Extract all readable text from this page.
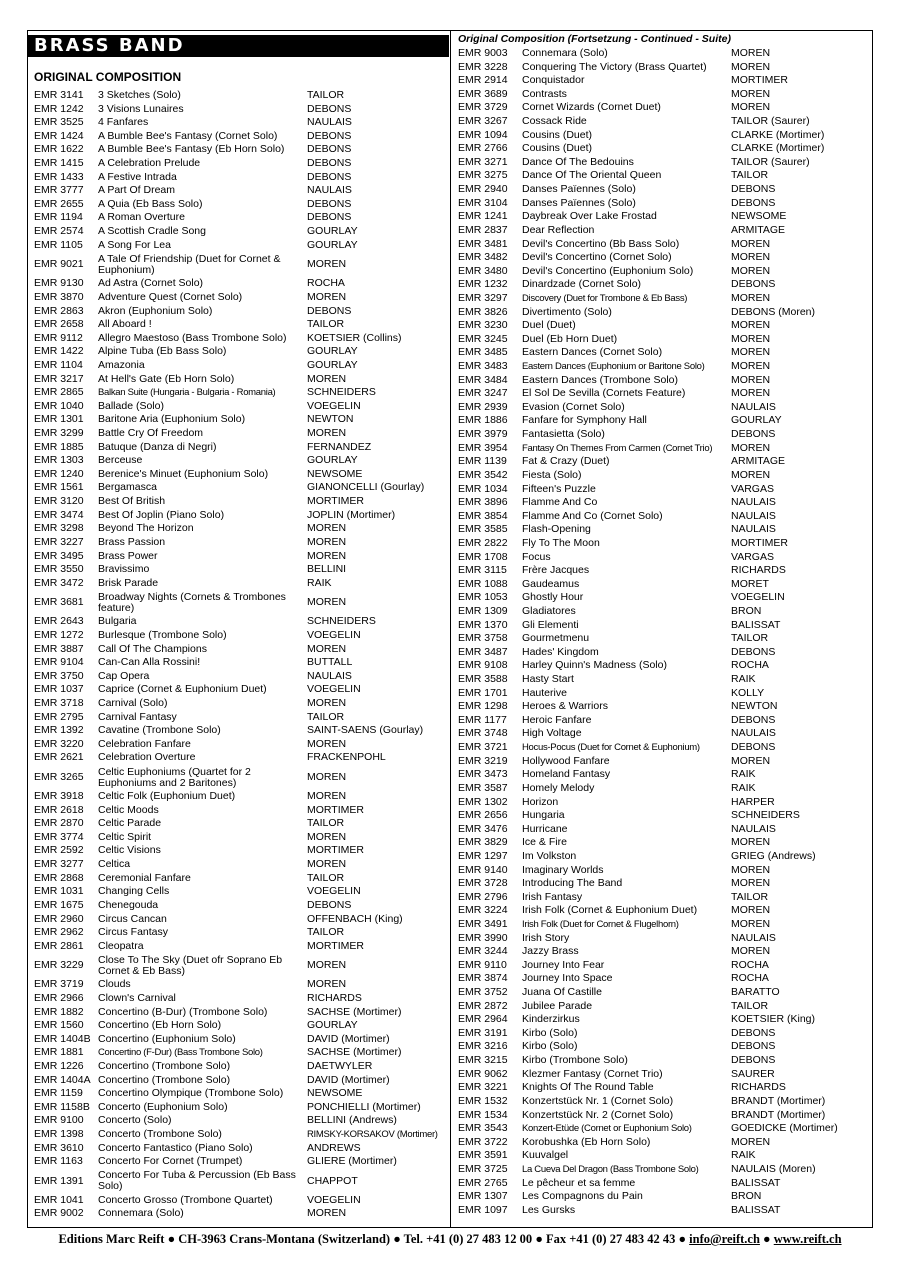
BRASS BAND
ORIGINAL COMPOSITION
Original Composition (Fortsetzung - Continued - Suite)
EMR 3141	3 Sketches (Solo)	TAILOR
EMR 1242	3 Visions Lunaires	DEBONS
EMR 3525	4 Fanfares	NAULAIS
EMR 1424	A Bumble Bee's Fantasy (Cornet Solo)	DEBONS
EMR 1622	A Bumble Bee's Fantasy (Eb Horn Solo)	DEBONS
EMR 1415	A Celebration Prelude	DEBONS
EMR 1433	A Festive Intrada	DEBONS
EMR 3777	A Part Of Dream	NAULAIS
EMR 2655	A Quia (Eb Bass Solo)	DEBONS
EMR 1194	A Roman Overture	DEBONS
EMR 2574	A Scottish Cradle Song	GOURLAY
EMR 1105	A Song For Lea	GOURLAY
EMR 9021	A Tale Of Friendship (Duet for Cornet & Euphonium)	MOREN
EMR 9130	Ad Astra (Cornet Solo)	ROCHA
EMR 3870	Adventure Quest (Cornet Solo)	MOREN
EMR 2863	Akron (Euphonium Solo)	DEBONS
EMR 2658	All Aboard !	TAILOR
EMR 9112	Allegro Maestoso (Bass Trombone Solo)	KOETSIER (Collins)
EMR 1422	Alpine Tuba (Eb Bass Solo)	GOURLAY
EMR 1104	Amazonia	GOURLAY
EMR 3217	At Hell's Gate (Eb Horn Solo)	MOREN
EMR 2865	Balkan Suite (Hungaria - Bulgaria - Romania)	SCHNEIDERS
EMR 1040	Ballade (Solo)	VOEGELIN
EMR 1301	Baritone Aria (Euphonium Solo)	NEWTON
EMR 3299	Battle Cry Of Freedom	MOREN
EMR 1885	Batuque (Danza di Negri)	FERNANDEZ
EMR 1303	Berceuse	GOURLAY
EMR 1240	Berenice's Minuet (Euphonium Solo)	NEWSOME
EMR 1561	Bergamasca	GIANONCELLI (Gourlay)
EMR 3120	Best Of British	MORTIMER
EMR 3474	Best Of Joplin (Piano Solo)	JOPLIN (Mortimer)
EMR 3298	Beyond The Horizon	MOREN
EMR 3227	Brass Passion	MOREN
EMR 3495	Brass Power	MOREN
EMR 3550	Bravissimo	BELLINI
EMR 3472	Brisk Parade	RAIK
EMR 3681	Broadway Nights (Cornets & Trombones feature)	MOREN
EMR 2643	Bulgaria	SCHNEIDERS
EMR 1272	Burlesque (Trombone Solo)	VOEGELIN
EMR 3887	Call Of The Champions	MOREN
EMR 9104	Can-Can Alla Rossini!	BUTTALL
EMR 3750	Cap Opera	NAULAIS
EMR 1037	Caprice (Cornet & Euphonium Duet)	VOEGELIN
EMR 3718	Carnival (Solo)	MOREN
EMR 2795	Carnival Fantasy	TAILOR
EMR 1392	Cavatine (Trombone Solo)	SAINT-SAENS (Gourlay)
EMR 3220	Celebration Fanfare	MOREN
EMR 2621	Celebration Overture	FRACKENPOHL
EMR 3265	Celtic Euphoniums (Quartet for 2 Euphoniums and 2 Baritones)	MOREN
EMR 3918	Celtic Folk (Euphonium Duet)	MOREN
EMR 2618	Celtic Moods	MORTIMER
EMR 2870	Celtic Parade	TAILOR
EMR 3774	Celtic Spirit	MOREN
EMR 2592	Celtic Visions	MORTIMER
EMR 3277	Celtica	MOREN
EMR 2868	Ceremonial Fanfare	TAILOR
EMR 1031	Changing Cells	VOEGELIN
EMR 1675	Chenegouda	DEBONS
EMR 2960	Circus Cancan	OFFENBACH (King)
EMR 2962	Circus Fantasy	TAILOR
EMR 2861	Cleopatra	MORTIMER
EMR 3229	Close To The Sky (Duet ofr Soprano Eb Cornet & Eb Bass)	MOREN
EMR 3719	Clouds	MOREN
EMR 2966	Clown's Carnival	RICHARDS
EMR 1882	Concertino (B-Dur) (Trombone Solo)	SACHSE (Mortimer)
EMR 1560	Concertino (Eb Horn Solo)	GOURLAY
EMR 1404B Concertino (Euphonium Solo)	DAVID (Mortimer)
EMR 1881	Concertino (F-Dur) (Bass Trombone Solo)	SACHSE (Mortimer)
EMR 1226	Concertino (Trombone Solo)	DAETWYLER
EMR 1404A Concertino (Trombone Solo)	DAVID (Mortimer)
EMR 1159	Concertino Olympique (Trombone Solo)	NEWSOME
EMR 1158B Concerto (Euphonium Solo)	PONCHIELLI (Mortimer)
EMR 9100	Concerto (Solo)	BELLINI (Andrews)
EMR 1398	Concerto (Trombone Solo)	RIMSKY-KORSAKOV (Mortimer)
EMR 3610	Concerto Fantastico (Piano Solo)	ANDREWS
EMR 1163	Concerto For Cornet (Trumpet)	GLIERE (Mortimer)
EMR 1391	Concerto For Tuba & Percussion (Eb Bass Solo)	CHAPPOT
EMR 1041	Concerto Grosso (Trombone Quartet)	VOEGELIN
EMR 9002	Connemara (Solo)	MOREN
EMR 9003	Connemara (Solo)	MOREN
EMR 3228	Conquering The Victory (Brass Quartet)	MOREN
EMR 2914	Conquistador	MORTIMER
EMR 3689	Contrasts	MOREN
EMR 3729	Cornet Wizards (Cornet Duet)	MOREN
EMR 3267	Cossack Ride	TAILOR (Saurer)
EMR 1094	Cousins (Duet)	CLARKE (Mortimer)
EMR 2766	Cousins (Duet)	CLARKE (Mortimer)
EMR 3271	Dance Of The Bedouins	TAILOR (Saurer)
EMR 3275	Dance Of The Oriental Queen	TAILOR
EMR 2940	Danses Païennes (Solo)	DEBONS
EMR 3104	Danses Païennes (Solo)	DEBONS
EMR 1241	Daybreak Over Lake Frostad	NEWSOME
EMR 2837	Dear Reflection	ARMITAGE
EMR 3481	Devil's Concertino (Bb Bass Solo)	MOREN
EMR 3482	Devil's Concertino (Cornet Solo)	MOREN
EMR 3480	Devil's Concertino (Euphonium Solo)	MOREN
EMR 1232	Dinardzade (Cornet Solo)	DEBONS
EMR 3297	Discovery (Duet for Trombone & Eb Bass)	MOREN
EMR 3826	Divertimento (Solo)	DEBONS (Moren)
EMR 3230	Duel (Duet)	MOREN
EMR 3245	Duel (Eb Horn Duet)	MOREN
EMR 3485	Eastern Dances (Cornet Solo)	MOREN
EMR 3483	Eastern Dances (Euphonium or Baritone Solo)	MOREN
EMR 3484	Eastern Dances (Trombone Solo)	MOREN
EMR 3247	El Sol De Sevilla (Cornets Feature)	MOREN
EMR 2939	Evasion (Cornet Solo)	NAULAIS
EMR 1886	Fanfare for Symphony Hall	GOURLAY
EMR 3979	Fantasietta (Solo)	DEBONS
EMR 3954	Fantasy On Themes From Carmen (Cornet Trio)	MOREN
EMR 1139	Fat & Crazy (Duet)	ARMITAGE
EMR 3542	Fiesta (Solo)	MOREN
EMR 1034	Fifteen's Puzzle	VARGAS
EMR 3896	Flamme And Co	NAULAIS
EMR 3854	Flamme And Co (Cornet Solo)	NAULAIS
EMR 3585	Flash-Opening	NAULAIS
EMR 2822	Fly To The Moon	MORTIMER
EMR 1708	Focus	VARGAS
EMR 3115	Frère Jacques	RICHARDS
EMR 1088	Gaudeamus	MORET
EMR 1053	Ghostly Hour	VOEGELIN
EMR 1309	Gladiatores	BRON
EMR 1370	Gli Elementi	BALISSAT
EMR 3758	Gourmetmenu	TAILOR
EMR 3487	Hades' Kingdom	DEBONS
EMR 9108	Harley Quinn's Madness (Solo)	ROCHA
EMR 3588	Hasty Start	RAIK
EMR 1701	Hauterive	KOLLY
EMR 1298	Heroes & Warriors	NEWTON
EMR 1177	Heroic Fanfare	DEBONS
EMR 3748	High Voltage	NAULAIS
EMR 3721	Hocus-Pocus (Duet for Cornet & Euphonium)	DEBONS
EMR 3219	Hollywood Fanfare	MOREN
EMR 3473	Homeland Fantasy	RAIK
EMR 3587	Homely Melody	RAIK
EMR 1302	Horizon	HARPER
EMR 2656	Hungaria	SCHNEIDERS
EMR 3476	Hurricane	NAULAIS
EMR 3829	Ice & Fire	MOREN
EMR 1297	Im Volkston	GRIEG (Andrews)
EMR 9140	Imaginary Worlds	MOREN
EMR 3728	Introducing The Band	MOREN
EMR 2796	Irish Fantasy	TAILOR
EMR 3224	Irish Folk (Cornet & Euphonium Duet)	MOREN
EMR 3491	Irish Folk (Duet for Cornet & Flugelhorn)	MOREN
EMR 3990	Irish Story	NAULAIS
EMR 3244	Jazzy Brass	MOREN
EMR 9110	Journey Into Fear	ROCHA
EMR 3874	Journey Into Space	ROCHA
EMR 3752	Juana Of Castille	BARATTO
EMR 2872	Jubilee Parade	TAILOR
EMR 2964	Kinderzirkus	KOETSIER (King)
EMR 3191	Kirbo (Solo)	DEBONS
EMR 3216	Kirbo (Solo)	DEBONS
EMR 3215	Kirbo (Trombone Solo)	DEBONS
EMR 9062	Klezmer Fantasy (Cornet Trio)	SAURER
EMR 3221	Knights Of The Round Table	RICHARDS
EMR 1532	Konzertstück Nr. 1 (Cornet Solo)	BRANDT (Mortimer)
EMR 1534	Konzertstück Nr. 2 (Cornet Solo)	BRANDT (Mortimer)
EMR 3543	Konzert-Etüde (Cornet or Euphonium Solo)	GOEDICKE (Mortimer)
EMR 3722	Korobushka (Eb Horn Solo)	MOREN
EMR 3591	Kuuvalgel	RAIK
EMR 3725	La Cueva Del Dragon (Bass Trombone Solo)	NAULAIS (Moren)
EMR 2765	Le pêcheur et sa femme	BALISSAT
EMR 1307	Les Compagnons du Pain	BRON
EMR 1097	Les Gursks	BALISSAT
Editions Marc Reift ● CH-3963 Crans-Montana (Switzerland) ● Tel. +41 (0) 27 483 12 00 ● Fax +41 (0) 27 483 42 43 ● info@reift.ch ● www.reift.ch
